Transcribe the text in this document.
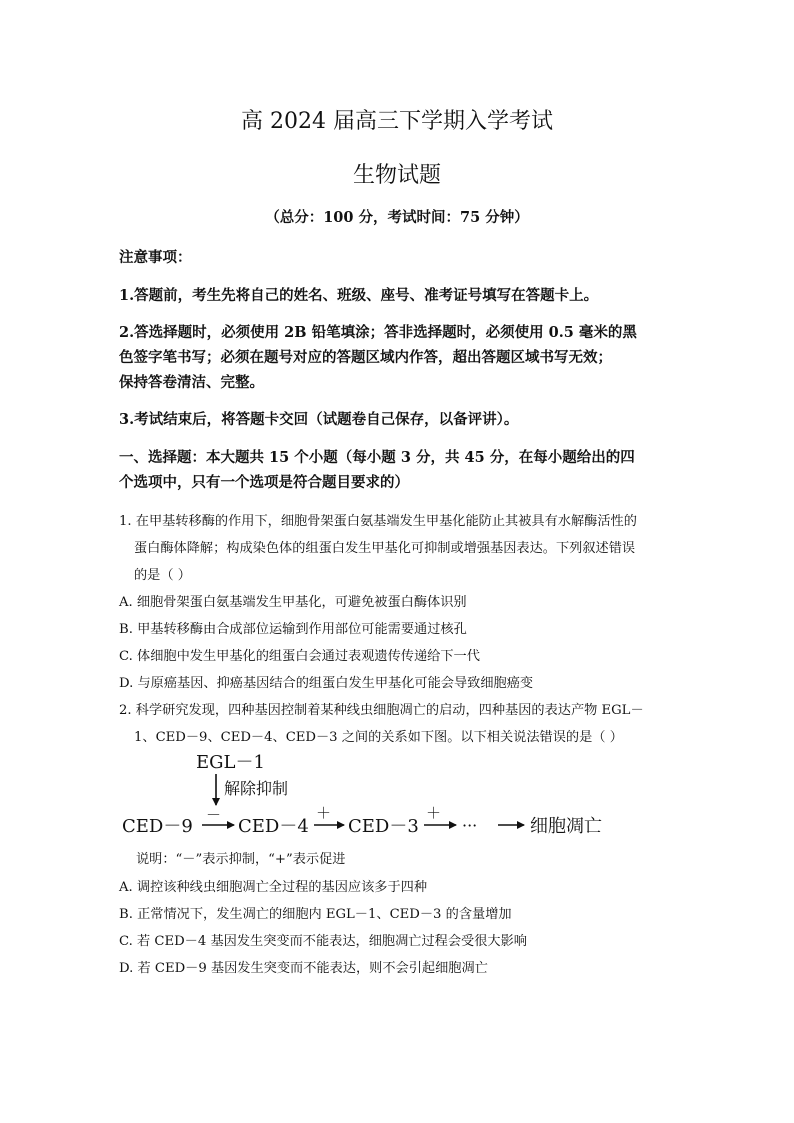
高 2024 届高三下学期入学考试
生物试题
（总分：100 分，考试时间：75 分钟）
注意事项：
1.答题前，考生先将自己的姓名、班级、座号、准考证号填写在答题卡上。
2.答选择题时，必须使用 2B 铅笔填涂；答非选择题时，必须使用 0.5 毫米的黑
色签字笔书写；必须在题号对应的答题区域内作答，超出答题区域书写无效；
保持答卷清洁、完整。
3.考试结束后，将答题卡交回（试题卷自己保存，以备评讲）。
一、选择题：本大题共 15 个小题（每小题 3 分，共 45 分，在每小题给出的四
个选项中，只有一个选项是符合题目要求的）
1. 在甲基转移酶的作用下，细胞骨架蛋白氨基端发生甲基化能防止其被具有水解酶活性的
蛋白酶体降解；构成染色体的组蛋白发生甲基化可抑制或增强基因表达。下列叙述错误
的是（ ）
A. 细胞骨架蛋白氨基端发生甲基化，可避免被蛋白酶体识别
B. 甲基转移酶由合成部位运输到作用部位可能需要通过核孔
C. 体细胞中发生甲基化的组蛋白会通过表观遗传传递给下一代
D. 与原癌基因、抑癌基因结合的组蛋白发生甲基化可能会导致细胞癌变
2. 科学研究发现，四种基因控制着某种线虫细胞凋亡的启动，四种基因的表达产物 EGL－
1、CED－9、CED－4、CED－3 之间的关系如下图。以下相关说法错误的是（ ）
EGL－1
解除抑制
CED－9
－
CED－4
＋
CED－3
＋
···	细胞凋亡
说明：“－”表示抑制，“+”表示促进
A. 调控该种线虫细胞凋亡全过程的基因应该多于四种
B. 正常情况下，发生凋亡的细胞内 EGL－1、CED－3 的含量增加
C. 若 CED－4 基因发生突变而不能表达，细胞凋亡过程会受很大影响
D. 若 CED－9 基因发生突变而不能表达，则不会引起细胞凋亡
